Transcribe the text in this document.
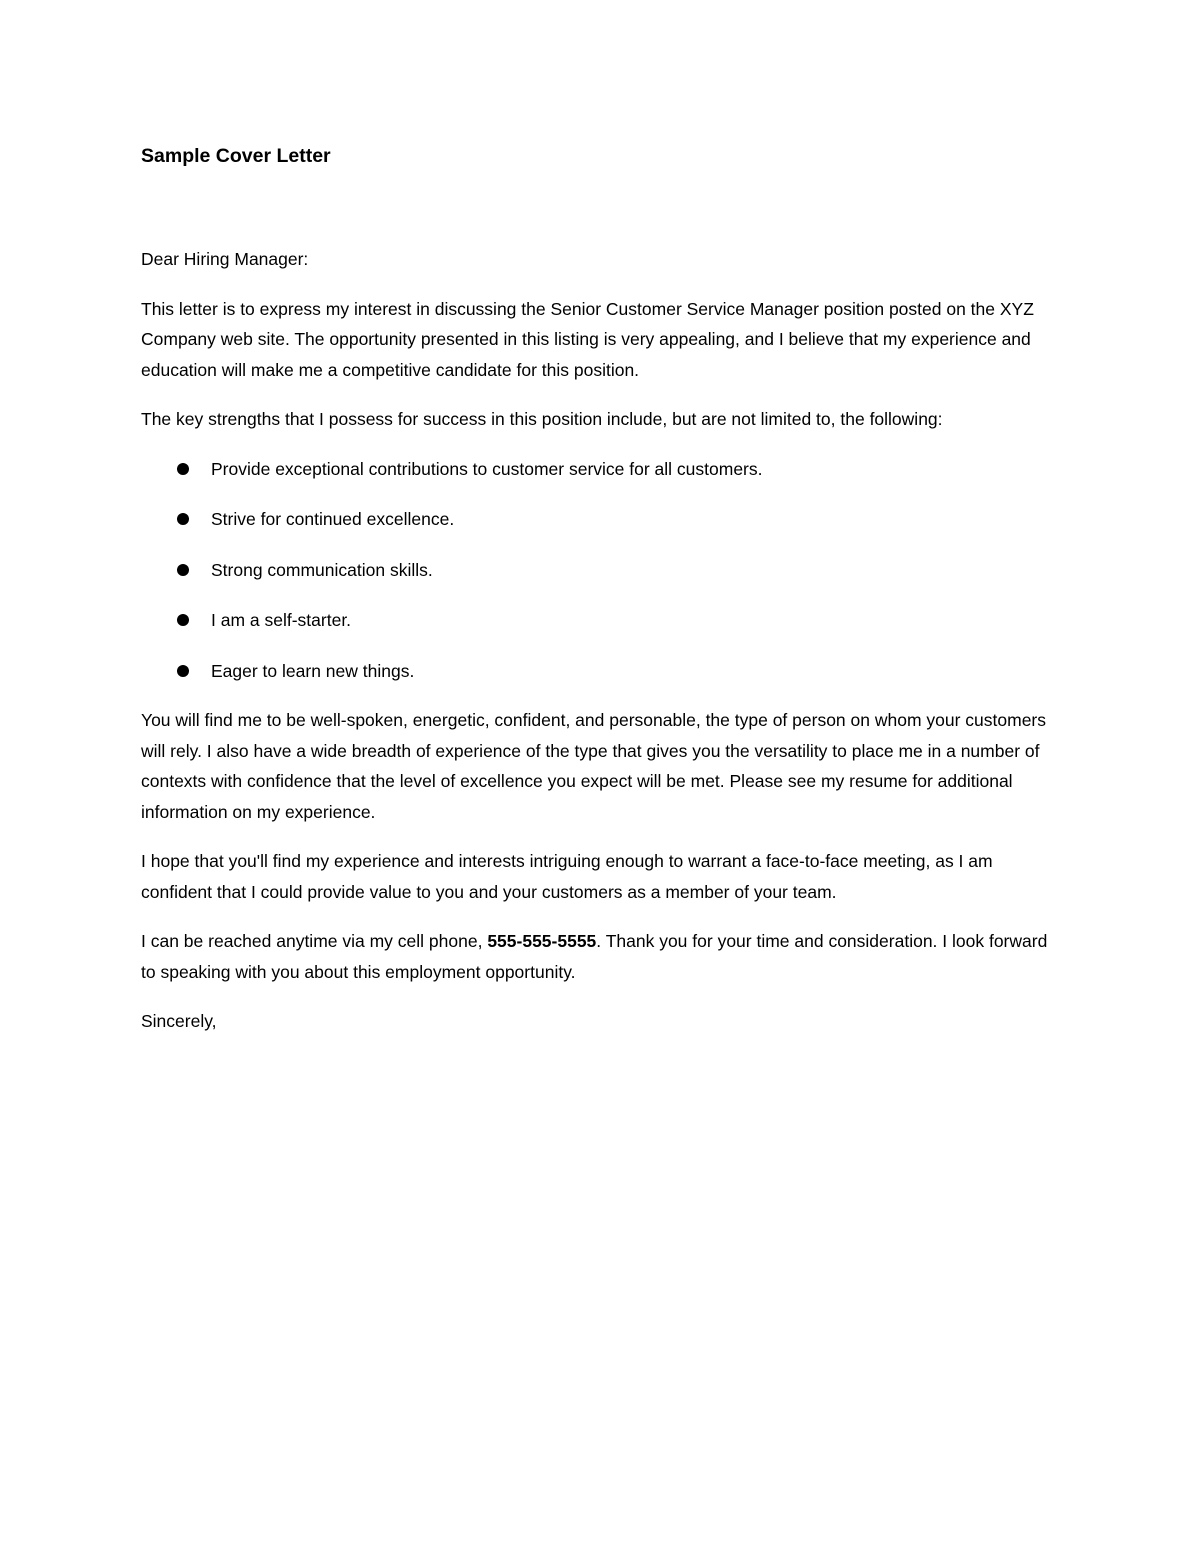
Sample Cover Letter

Dear Hiring Manager:

This letter is to express my interest in discussing the Senior Customer Service Manager position posted on the XYZ Company web site. The opportunity presented in this listing is very appealing, and I believe that my experience and education will make me a competitive candidate for this position.

The key strengths that I possess for success in this position include, but are not limited to, the following:

Provide exceptional contributions to customer service for all customers.
Strive for continued excellence.
Strong communication skills.
I am a self-starter.
Eager to learn new things.

You will find me to be well-spoken, energetic, confident, and personable, the type of person on whom your customers will rely. I also have a wide breadth of experience of the type that gives you the versatility to place me in a number of contexts with confidence that the level of excellence you expect will be met. Please see my resume for additional information on my experience.

I hope that you'll find my experience and interests intriguing enough to warrant a face-to-face meeting, as I am confident that I could provide value to you and your customers as a member of your team.

I can be reached anytime via my cell phone, 555-555-5555. Thank you for your time and consideration. I look forward to speaking with you about this employment opportunity.

Sincerely,
